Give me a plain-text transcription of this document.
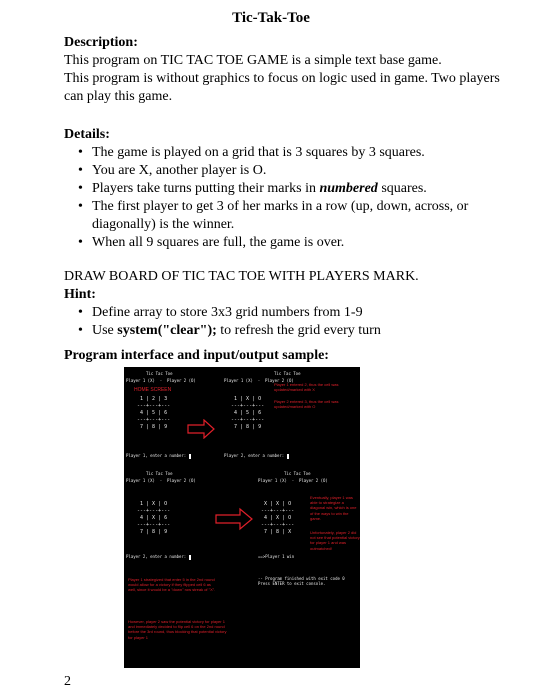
Tic-Tak-Toe
Description:
This program on TIC TAC TOE GAME is a simple text base game.
This program is without graphics to focus on logic used in game. Two players can play this game.
Details:
• The game is played on a grid that is 3 squares by 3 squares.
• You are X, another player is O.
• Players take turns putting their marks in numbered squares.
• The first player to get 3 of her marks in a row (up, down, across, or diagonally) is the winner.
• When all 9 squares are full, the game is over.
DRAW BOARD OF TIC TAC TOE WITH PLAYERS MARK.
Hint:
• Define array to store 3x3 grid numbers from 1-9
• Use system("clear"); to refresh the grid every turn
Program interface and input/output sample:
Tic Tac Toe
Player 1 (X)  -  Player 2 (O)
HOME SCREEN
1 | 2 | 3
---+---+---
4 | 5 | 6
---+---+---
7 | 8 | 9
Player 1, enter a number:
Tic Tac Toe
Player 1 (X)  -  Player 2 (O)
1 | X | O
---+---+---
4 | 5 | 6
---+---+---
7 | 8 | 9
Player 2, enter a number:
Player 1 entered 2, thus the cell was updated/marked with X
Player 2 entered 3, thus the cell was updated/marked with O
Tic Tac Toe
Player 1 (X)  -  Player 2 (O)
1 | X | O
---+---+---
4 | X | 6
---+---+---
7 | 8 | 9
Player 2, enter a number:
Tic Tac Toe
Player 1 (X)  -  Player 2 (O)
X | X | O
---+---+---
4 | X | O
---+---+---
7 | 8 | X
==>Player 1 win
Eventually, player 1 was able to strategize a diagonal win, which is one of the ways to win the game.
Unfortunately, player 2 did not see that potential victory for player 1 and was outmatched!
-- Program finished with exit code 0
Press ENTER to exit console.
Player 1 strategized that enter 5 in the 2nd round would allow for a victory if they flipped cell 6 as well, since it would be a "down" row streak of "X".
However, player 2 saw the potential victory for player 1 and immediately decided to flip cell 6 on the 2nd round before the 3rd round, thus blocking that potential victory for player 1
2
